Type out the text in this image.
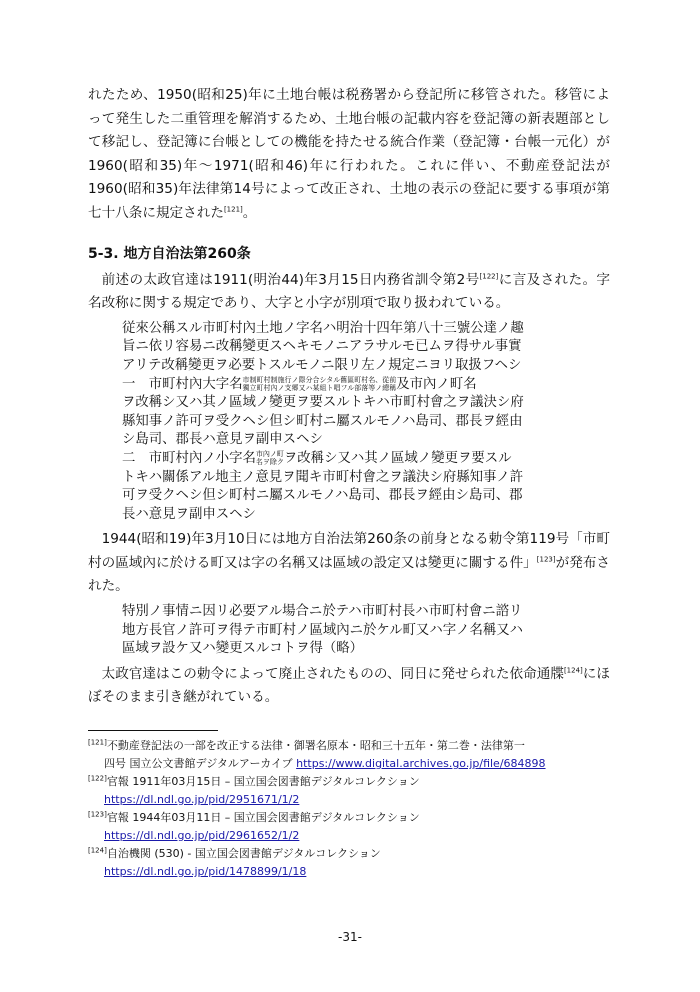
れたため、1950(昭和25)年に土地台帳は税務署から登記所に移管された。移管によって発生した二重管理を解消するため、土地台帳の記載内容を登記簿の新表題部として移記し、登記簿に台帳としての機能を持たせる統合作業（登記簿・台帳一元化）が1960(昭和35)年〜1971(昭和46)年に行われた。これに伴い、不動産登記法が1960(昭和35)年法律第14号によって改正され、土地の表示の登記に要する事項が第七十八条に規定された[121]。

5-3. 地方自治法第260条

前述の太政官達は1911(明治44)年3月15日内務省訓令第2号[122]に言及された。字名改称に関する規定であり、大字と小字が別項で取り扱われている。

従來公稱スル市町村內土地ノ字名ハ明治十四年第八十三號公達ノ趣
旨ニ依リ容易ニ改稱變更スヘキモノニアラサルモ已ムヲ得サル事實
アリテ改稱變更ヲ必要トスルモノニ限リ左ノ規定ニヨリ取扱フヘシ
一　市町村內大字名市制町村制施行ノ際分合シタル舊區町村名、從前
獨立町村內ノ支郷又ハ某組ト唱フル部落等ノ總稱及市內ノ町名
ヲ改稱シ又ハ其ノ區域ノ變更ヲ要スルトキハ市町村會之ヲ議決シ府
縣知事ノ許可ヲ受クヘシ但シ町村ニ屬スルモノハ島司、郡長ヲ經由
シ島司、郡長ハ意見ヲ副申スヘシ
二　市町村內ノ小字名市內ノ町
名ヲ除クヲ改稱シ又ハ其ノ區域ノ變更ヲ要スル
トキハ關係アル地主ノ意見ヲ聞キ市町村會之ヲ議決シ府縣知事ノ許
可ヲ受クヘシ但シ町村ニ屬スルモノハ島司、郡長ヲ經由シ島司、郡
長ハ意見ヲ副申スヘシ

1944(昭和19)年3月10日には地方自治法第260条の前身となる勅令第119号「市町村の區域內に於ける町又は字の名稱又は區域の設定又は變更に關する件」[123]が発布された。

特別ノ事情ニ因リ必要アル場合ニ於テハ市町村長ハ市町村會ニ諮リ
地方長官ノ許可ヲ得テ市町村ノ區域內ニ於ケル町又ハ字ノ名稱又ハ
區域ヲ設ケ又ハ變更スルコトヲ得（略）

太政官達はこの勅令によって廃止されたものの、同日に発せられた依命通牒[124]にほぼそのまま引き継がれている。

[121]不動産登記法の一部を改正する法律・御署名原本・昭和三十五年・第二巻・法律第一
四号 国立公文書館デジタルアーカイブ https://www.digital.archives.go.jp/file/684898

[122]官報 1911年03月15日 – 国立国会図書館デジタルコレクション
https://dl.ndl.go.jp/pid/2951671/1/2

[123]官報 1944年03月11日 – 国立国会図書館デジタルコレクション
https://dl.ndl.go.jp/pid/2961652/1/2

[124]自治機関 (530) - 国立国会図書館デジタルコレクション
https://dl.ndl.go.jp/pid/1478899/1/18

-31-
